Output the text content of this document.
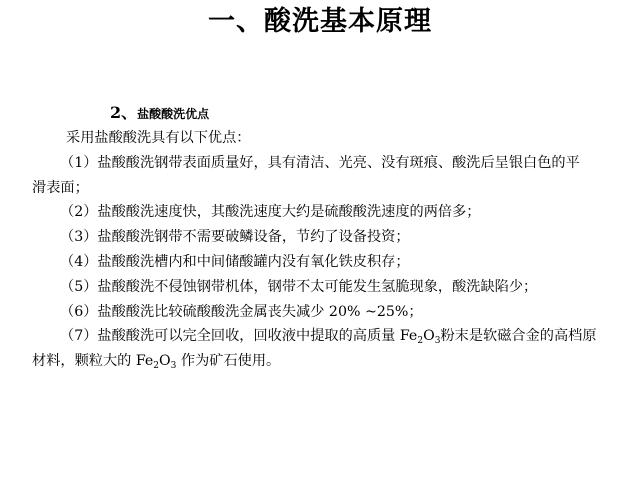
一、酸洗基本原理
2、盐酸酸洗优点

采用盐酸酸洗具有以下优点：

（1）盐酸酸洗钢带表面质量好，具有清洁、光亮、没有斑痕、酸洗后呈银白色的平
滑表面；

（2）盐酸酸洗速度快，其酸洗速度大约是硫酸酸洗速度的两倍多；

（3）盐酸酸洗钢带不需要破鳞设备，节约了设备投资；

（4）盐酸酸洗槽内和中间储酸罐内没有氧化铁皮积存；

（5）盐酸酸洗不侵蚀钢带机体，钢带不太可能发生氢脆现象，酸洗缺陷少；

（6）盐酸酸洗比较硫酸酸洗金属丧失减少 20% ~25%；

（7）盐酸酸洗可以完全回收，回收液中提取的高质量 $Fe_2O_3$粉末是软磁合金的高档原
材料，颗粒大的 $Fe_2O_3$ 作为矿石使用。
